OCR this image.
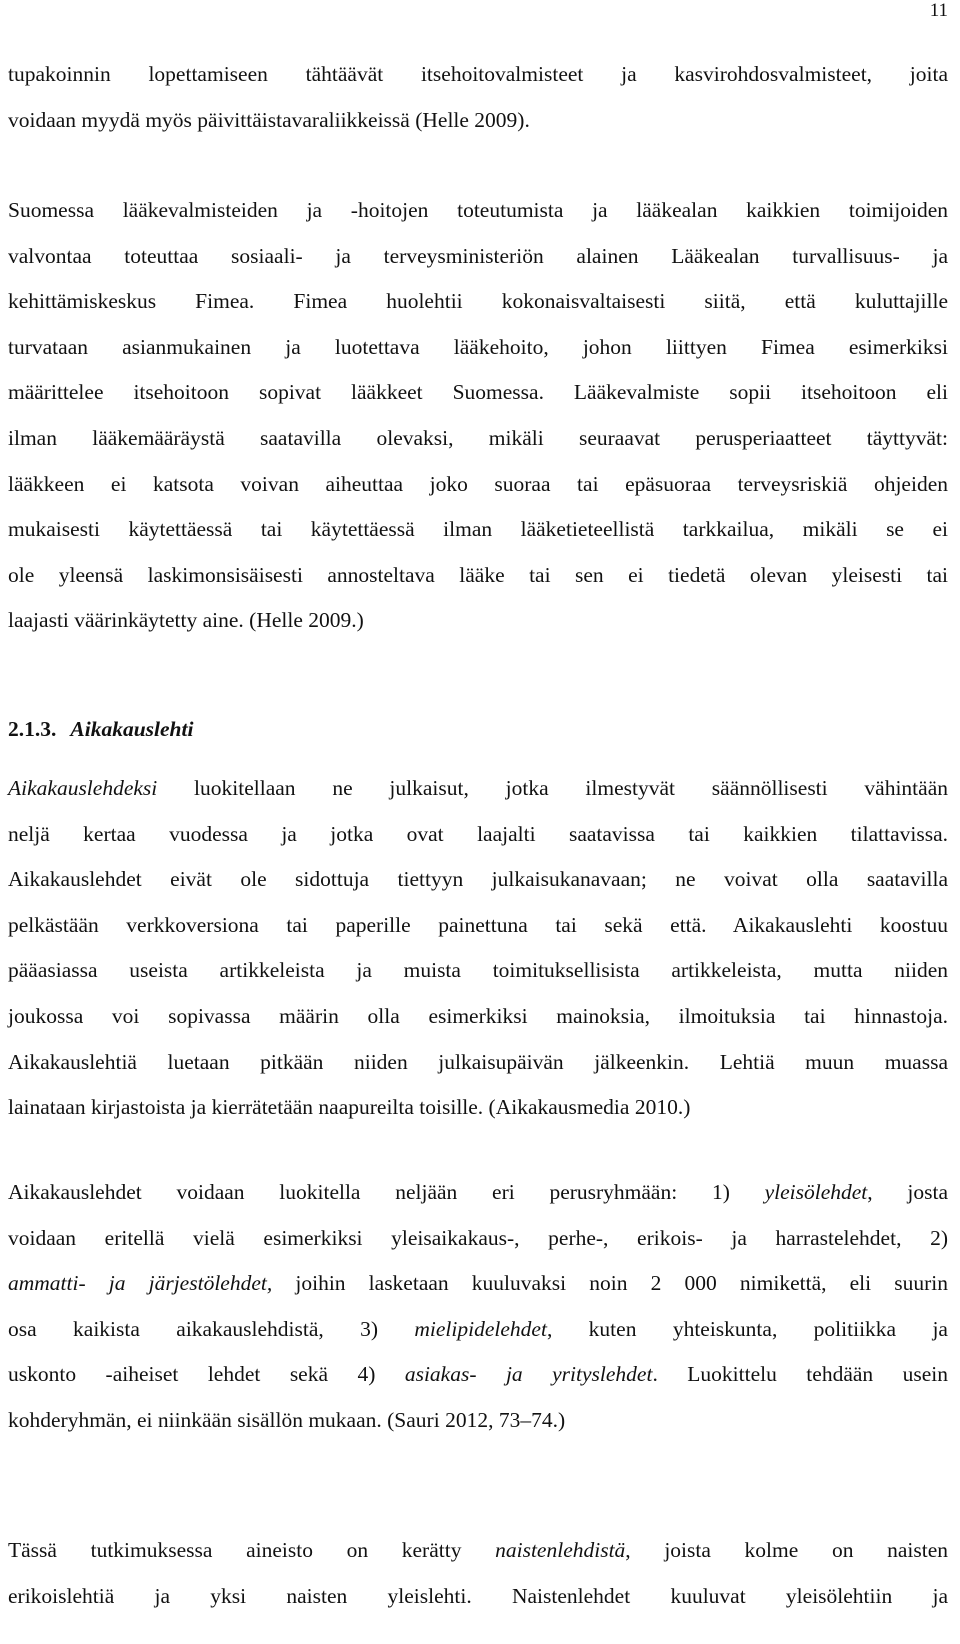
11
tupakoinnin lopettamiseen tähtäävät itsehoitovalmisteet ja kasvirohdosvalmisteet, joita
voidaan myydä myös päivittäistavaraliikkeissä (Helle 2009).
Suomessa lääkevalmisteiden ja -hoitojen toteutumista ja lääkealan kaikkien toimijoiden
valvontaa toteuttaa sosiaali- ja terveysministeriön alainen Lääkealan turvallisuus- ja
kehittämiskeskus Fimea. Fimea huolehtii kokonaisvaltaisesti siitä, että kuluttajille
turvataan asianmukainen ja luotettava lääkehoito, johon liittyen Fimea esimerkiksi
määrittelee itsehoitoon sopivat lääkkeet Suomessa. Lääkevalmiste sopii itsehoitoon eli
ilman lääkemääräystä saatavilla olevaksi, mikäli seuraavat perusperiaatteet täyttyvät:
lääkkeen ei katsota voivan aiheuttaa joko suoraa tai epäsuoraa terveysriskiä ohjeiden
mukaisesti käytettäessä tai käytettäessä ilman lääketieteellistä tarkkailua, mikäli se ei
ole yleensä laskimonsisäisesti annosteltava lääke tai sen ei tiedetä olevan yleisesti tai
laajasti väärinkäytetty aine. (Helle 2009.)
2.1.3. Aikakauslehti
Aikakauslehdeksi luokitellaan ne julkaisut, jotka ilmestyvät säännöllisesti vähintään
neljä kertaa vuodessa ja jotka ovat laajalti saatavissa tai kaikkien tilattavissa.
Aikakauslehdet eivät ole sidottuja tiettyyn julkaisukanavaan; ne voivat olla saatavilla
pelkästään verkkoversiona tai paperille painettuna tai sekä että. Aikakauslehti koostuu
pääasiassa useista artikkeleista ja muista toimituksellisista artikkeleista, mutta niiden
joukossa voi sopivassa määrin olla esimerkiksi mainoksia, ilmoituksia tai hinnastoja.
Aikakauslehtiä luetaan pitkään niiden julkaisupäivän jälkeenkin. Lehtiä muun muassa
lainataan kirjastoista ja kierrätetään naapureilta toisille. (Aikakausmedia 2010.)
Aikakauslehdet voidaan luokitella neljään eri perusryhmään: 1) yleisölehdet, josta
voidaan eritellä vielä esimerkiksi yleisaikakaus-, perhe-, erikois- ja harrastelehdet, 2)
ammatti- ja järjestölehdet, joihin lasketaan kuuluvaksi noin 2 000 nimikettä, eli suurin
osa kaikista aikakauslehdistä, 3) mielipidelehdet, kuten yhteiskunta, politiikka ja
uskonto -aiheiset lehdet sekä 4) asiakas- ja yrityslehdet. Luokittelu tehdään usein
kohderyhmän, ei niinkään sisällön mukaan. (Sauri 2012, 73–74.)
Tässä tutkimuksessa aineisto on kerätty naistenlehdistä, joista kolme on naisten
erikoislehtiä ja yksi naisten yleislehti. Naistenlehdet kuuluvat yleisölehtiin ja
